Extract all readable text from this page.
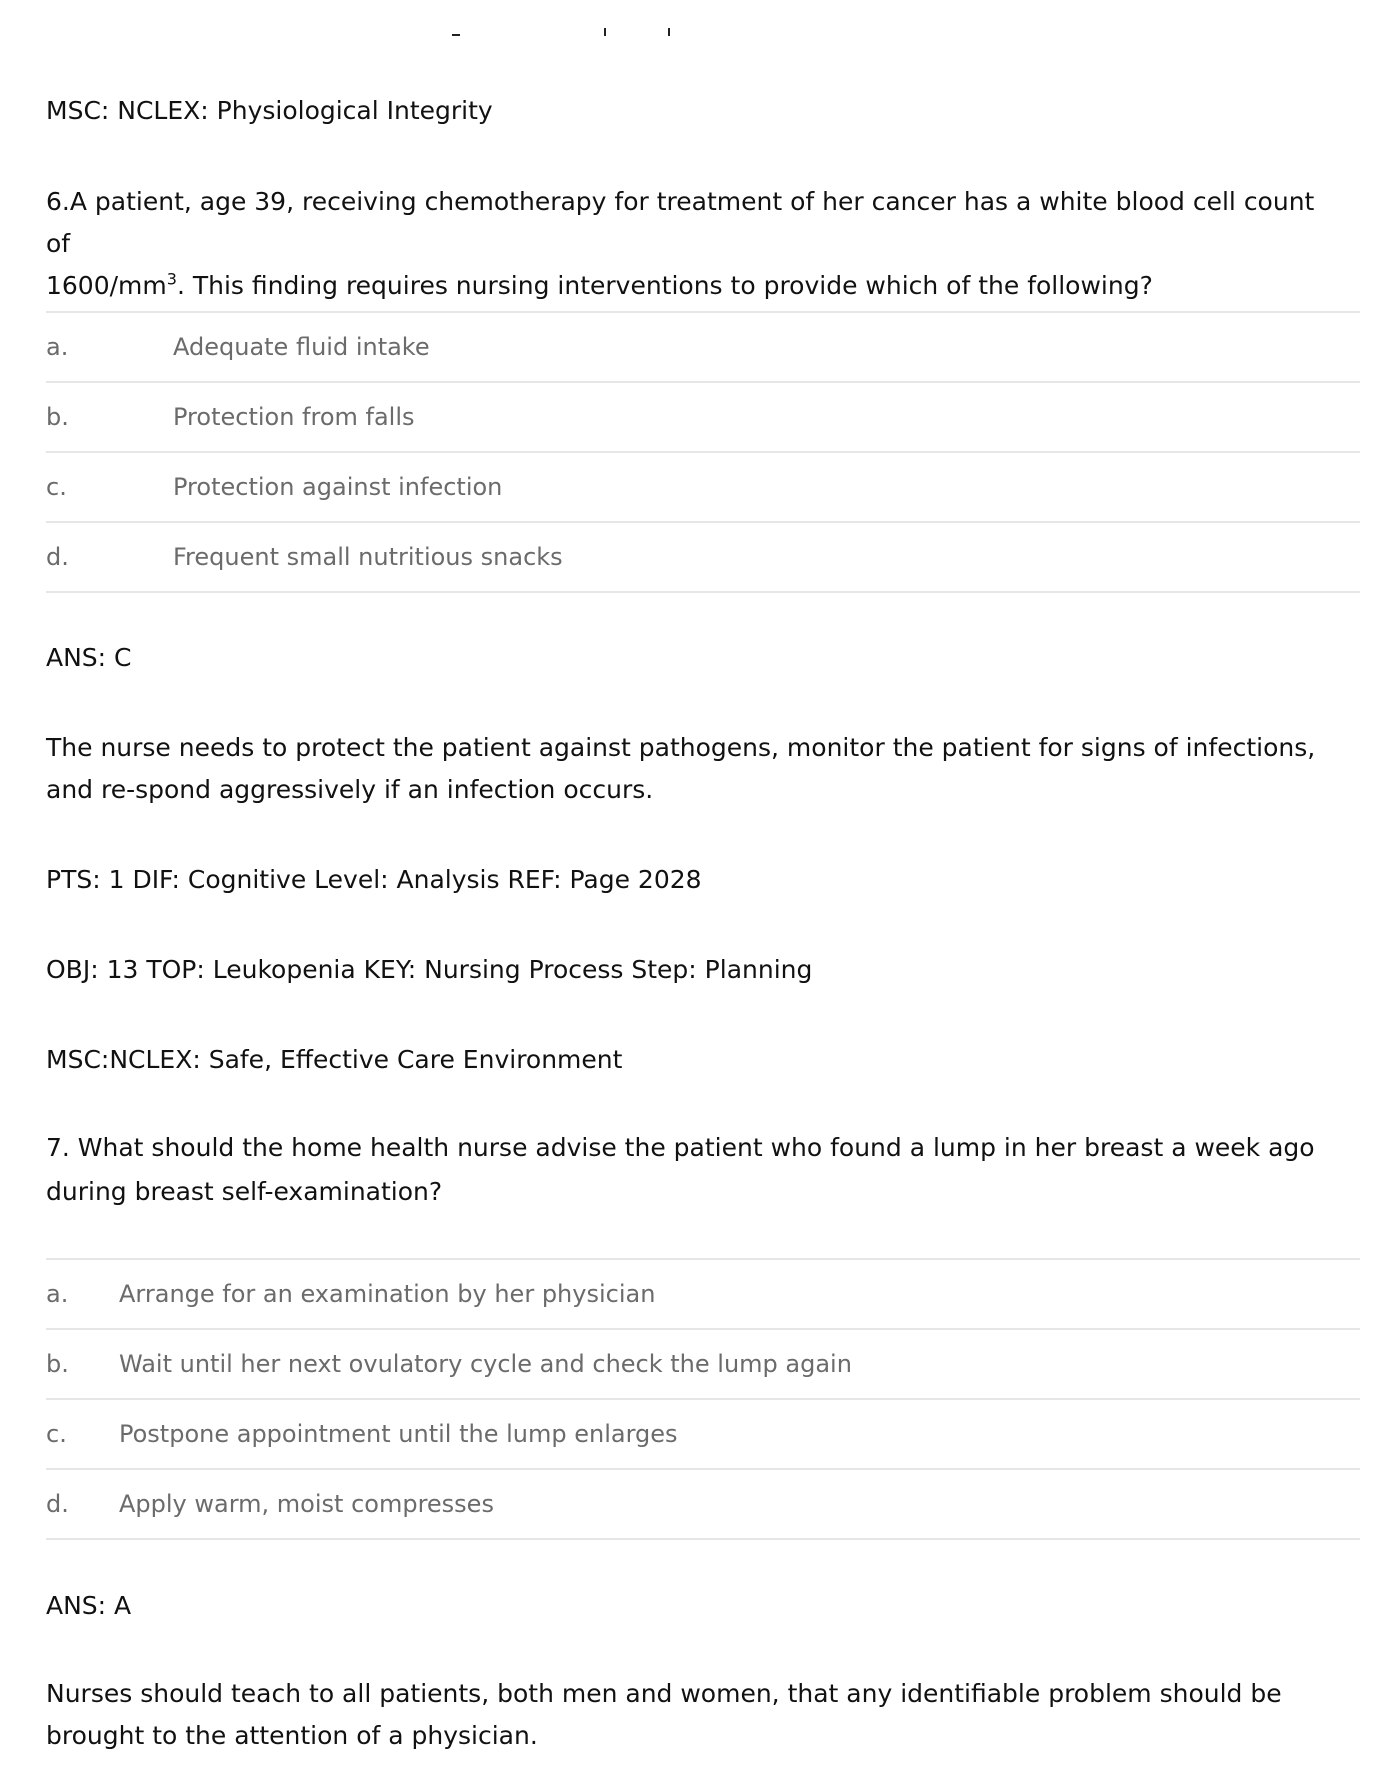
MSC: NCLEX: Physiological Integrity
6.A patient, age 39, receiving chemotherapy for treatment of her cancer has a white blood cell count of
$1600/mm^3$. This ﬁnding requires nursing interventions to provide which of the following?
a.	Adequate ﬂuid intake
b.	Protection from falls
c.	Protection against infection
d.	Frequent small nutritious snacks
ANS: C
The nurse needs to protect the patient against pathogens, monitor the patient for signs of infections, and re-spond aggressively if an infection occurs.
PTS: 1 DIF: Cognitive Level: Analysis REF: Page 2028
OBJ: 13 TOP: Leukopenia KEY: Nursing Process Step: Planning
MSC:NCLEX: Safe, Eﬀective Care Environment
7. What should the home health nurse advise the patient who found a lump in her breast a week ago during breast self-examination?
a.	Arrange for an examination by her physician
b.	Wait until her next ovulatory cycle and check the lump again
c.	Postpone appointment until the lump enlarges
d.	Apply warm, moist compresses
ANS: A
Nurses should teach to all patients, both men and women, that any identiﬁable problem should be brought to the attention of a physician.
